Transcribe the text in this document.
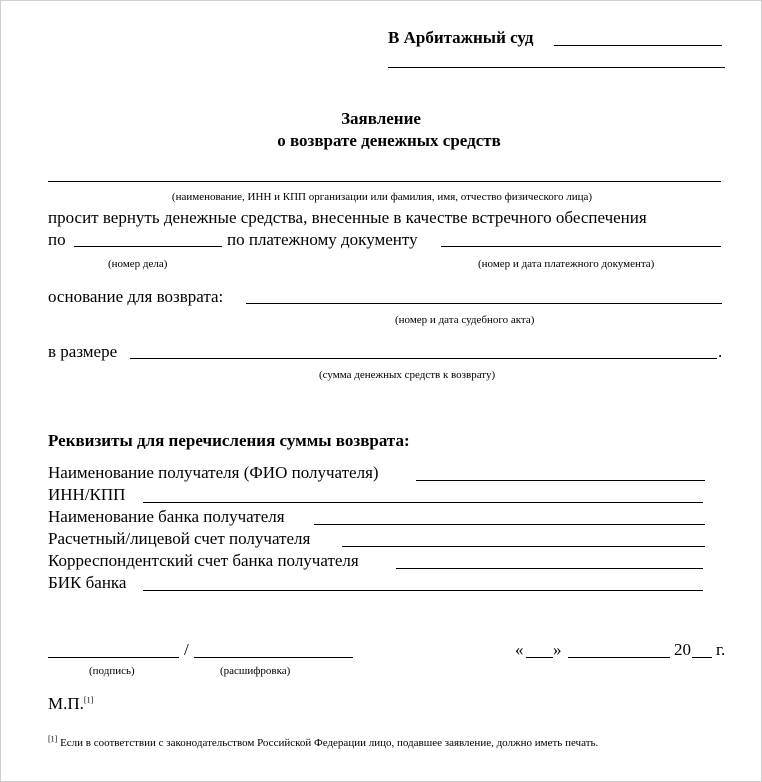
В Арбитажный суд
Заявление
о возврате денежных средств
(наименование, ИНН и КПП организации или фамилия, имя, отчество физического лица)
просит вернуть денежные средства, внесенные в качестве встречного обеспечения
по	по платежному документу
(номер дела)	(номер и дата платежного документа)
основание для возврата:
(номер и дата судебного акта)
в размере	.
(сумма денежных средств к возврату)
Реквизиты для перечисления суммы возврата:
Наименование получателя (ФИО получателя)
ИНН/КПП
Наименование банка получателя
Расчетный/лицевой счет получателя
Корреспондентский счет банка получателя
БИК банка
/
(подпись)	(расшифровка)
« »	20 г.
М.П.[1]
[1] Если в соответствии с законодательством Российской Федерации лицо, подавшее заявление, должно иметь печать.
